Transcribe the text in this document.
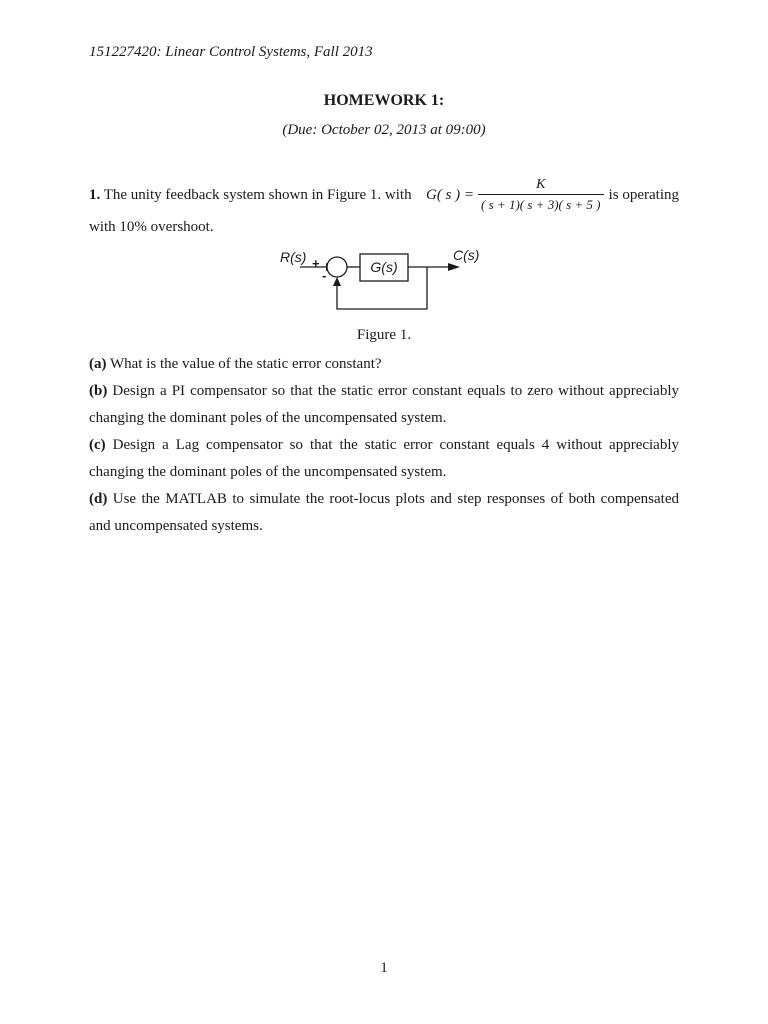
151227420: Linear Control Systems, Fall 2013
HOMEWORK 1:
(Due: October 02, 2013 at 09:00)
1. The unity feedback system shown in Figure 1. with	is operating
G( s ) = $\frac{K}{( s + 1)( s + 3)( s + 5 )}$
with 10% overshoot.
R(s) +
-
G(s)
C(s)
Figure 1.
(a) What is the value of the static error constant?
(b) Design a PI compensator so that the static error constant equals to zero without appreciably changing the dominant poles of the uncompensated system.
(c) Design a Lag compensator so that the static error constant equals 4 without appreciably changing the dominant poles of the uncompensated system.
(d) Use the MATLAB to simulate the root-locus plots and step responses of both compensated and uncompensated systems.
1
